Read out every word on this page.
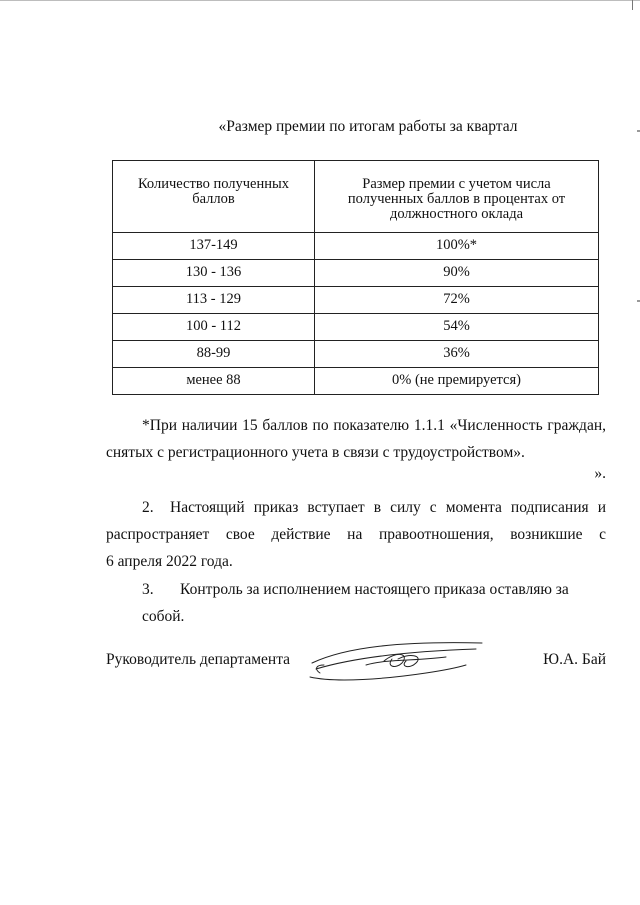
«Размер премии по итогам работы за квартал
Количество полученных баллов	Размер премии с учетом числа полученных баллов в процентах от должностного оклада
137-149	100%*
130 - 136	90%
113 - 129	72%
100 - 112	54%
88-99	36%
менее 88	0% (не премируется)
*При наличии 15 баллов по показателю 1.1.1 «Численность граждан,
снятых с регистрационного учета в связи с трудоустройством».
».
2. Настоящий приказ вступает в силу с момента подписания и
распространяет свое действие на правоотношения, возникшие с
6 апреля 2022 года.
3. Контроль за исполнением настоящего приказа оставляю за собой.
Руководитель департамента	Ю.А. Бай
